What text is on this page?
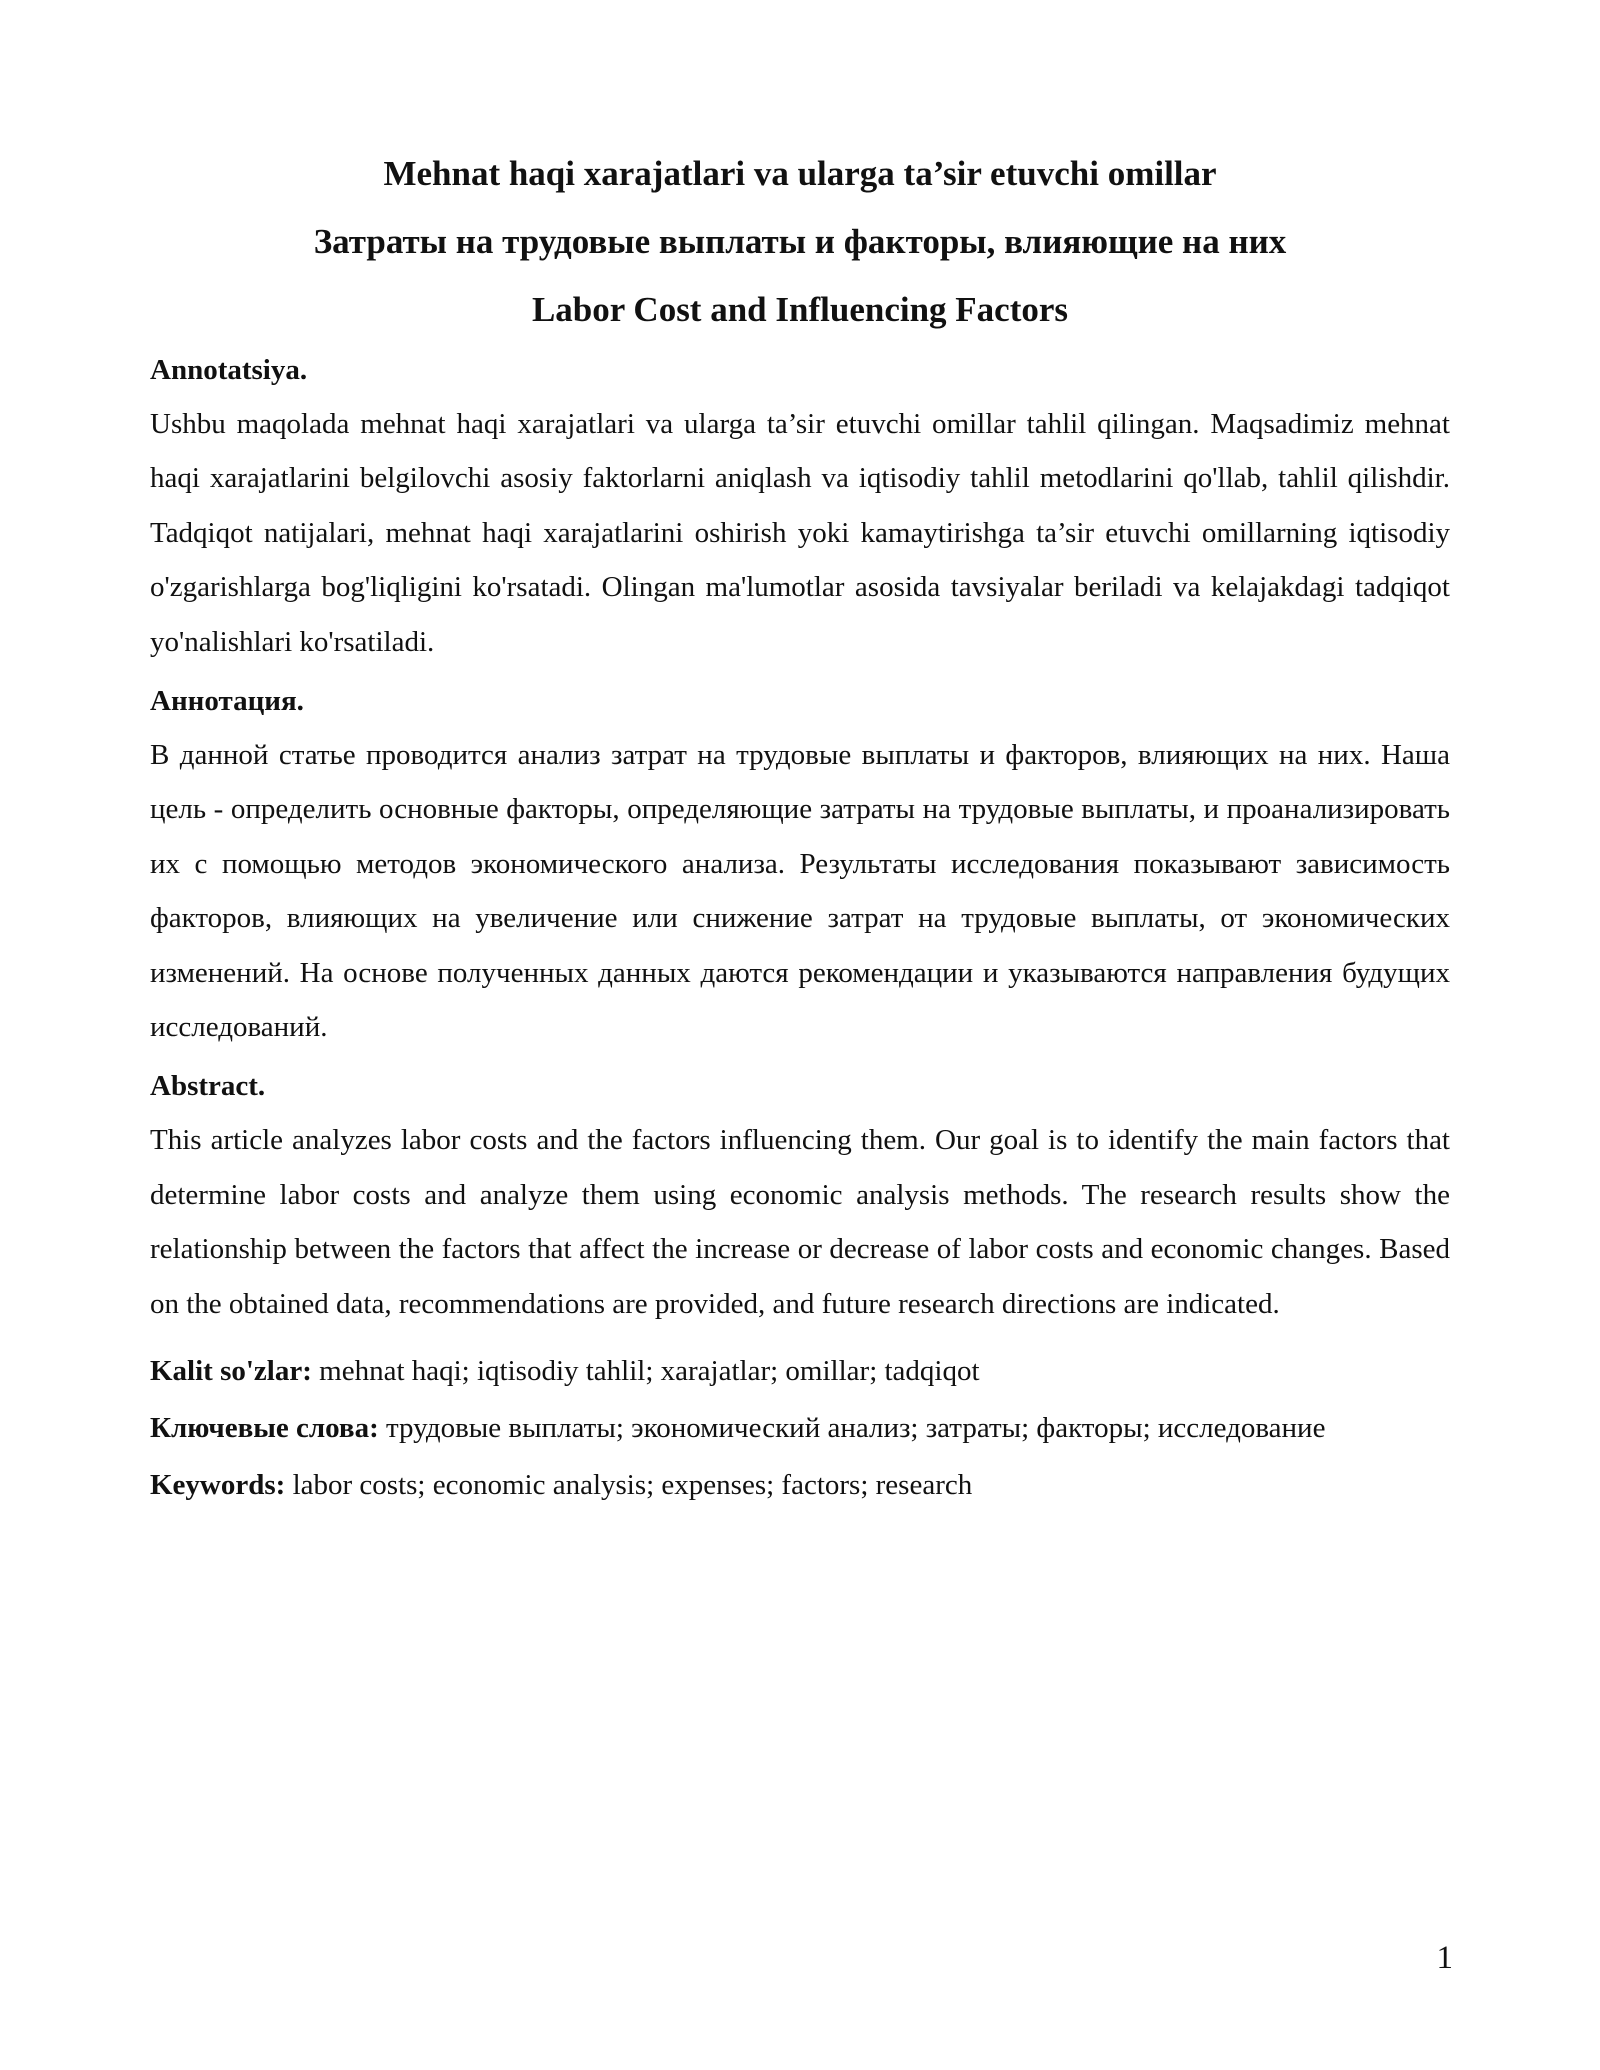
Mehnat haqi xarajatlari va ularga ta’sir etuvchi omillar

Затраты на трудовые выплаты и факторы, влияющие на них

Labor Cost and Influencing Factors

Annotatsiya.

Ushbu maqolada mehnat haqi xarajatlari va ularga ta’sir etuvchi omillar tahlil qilingan. Maqsadimiz mehnat haqi xarajatlarini belgilovchi asosiy faktorlarni aniqlash va iqtisodiy tahlil metodlarini qo'llab, tahlil qilishdir. Tadqiqot natijalari, mehnat haqi xarajatlarini oshirish yoki kamaytirishga ta’sir etuvchi omillarning iqtisodiy o'zgarishlarga bog'liqligini ko'rsatadi. Olingan ma'lumotlar asosida tavsiyalar beriladi va kelajakdagi tadqiqot yo'nalishlari ko'rsatiladi.

Аннотация.

В данной статье проводится анализ затрат на трудовые выплаты и факторов, влияющих на них. Наша цель - определить основные факторы, определяющие затраты на трудовые выплаты, и проанализировать их с помощью методов экономического анализа. Результаты исследования показывают зависимость факторов, влияющих на увеличение или снижение затрат на трудовые выплаты, от экономических изменений. На основе полученных данных даются рекомендации и указываются направления будущих исследований.

Abstract.

This article analyzes labor costs and the factors influencing them. Our goal is to identify the main factors that determine labor costs and analyze them using economic analysis methods. The research results show the relationship between the factors that affect the increase or decrease of labor costs and economic changes. Based on the obtained data, recommendations are provided, and future research directions are indicated.

Kalit so'zlar: mehnat haqi; iqtisodiy tahlil; xarajatlar; omillar; tadqiqot

Ключевые слова: трудовые выплаты; экономический анализ; затраты; факторы; исследование

Keywords: labor costs; economic analysis; expenses; factors; research

1
